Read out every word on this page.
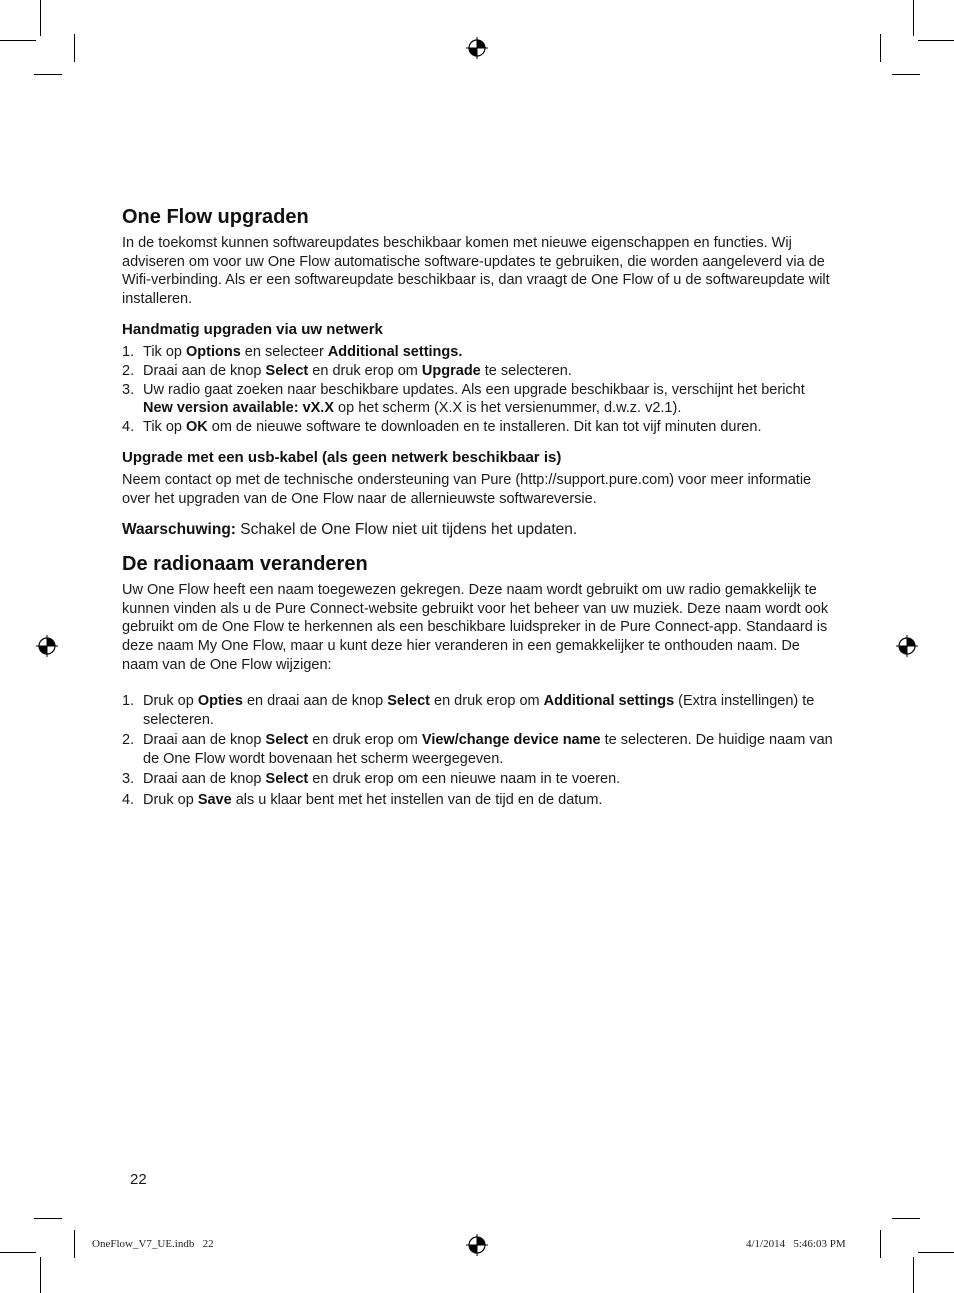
One Flow upgraden

In de toekomst kunnen softwareupdates beschikbaar komen met nieuwe eigenschappen en functies. Wij adviseren om voor uw One Flow automatische software-updates te gebruiken, die worden aangeleverd via de Wifi-verbinding. Als er een softwareupdate beschikbaar is, dan vraagt de One Flow of u de softwareupdate wilt installeren.

Handmatig upgraden via uw netwerk
1. Tik op Options en selecteer Additional settings.
2. Draai aan de knop Select en druk erop om Upgrade te selecteren.
3. Uw radio gaat zoeken naar beschikbare updates. Als een upgrade beschikbaar is, verschijnt het bericht New version available: vX.X op het scherm (X.X is het versienummer, d.w.z. v2.1).
4. Tik op OK om de nieuwe software te downloaden en te installeren. Dit kan tot vijf minuten duren.
Upgrade met een usb-kabel (als geen netwerk beschikbaar is)

Neem contact op met de technische ondersteuning van Pure (http://support.pure.com) voor meer informatie over het upgraden van de One Flow naar de allernieuwste softwareversie.

Waarschuwing: Schakel de One Flow niet uit tijdens het updaten.

De radionaam veranderen

Uw One Flow heeft een naam toegewezen gekregen. Deze naam wordt gebruikt om uw radio gemakkelijk te kunnen vinden als u de Pure Connect-website gebruikt voor het beheer van uw muziek. Deze naam wordt ook gebruikt om de One Flow te herkennen als een beschikbare luidspreker in de Pure Connect-app. Standaard is deze naam My One Flow, maar u kunt deze hier veranderen in een gemakkelijker te onthouden naam. De naam van de One Flow wijzigen:

1. Druk op Opties en draai aan de knop Select en druk erop om Additional settings (Extra instellingen) te selecteren.
2. Draai aan de knop Select en druk erop om View/change device name te selecteren. De huidige naam van de One Flow wordt bovenaan het scherm weergegeven.
3. Draai aan de knop Select en druk erop om een nieuwe naam in te voeren.
4. Druk op Save als u klaar bent met het instellen van de tijd en de datum.
22
OneFlow_V7_UE.indb   22	4/1/2014   5:46:03 PM
